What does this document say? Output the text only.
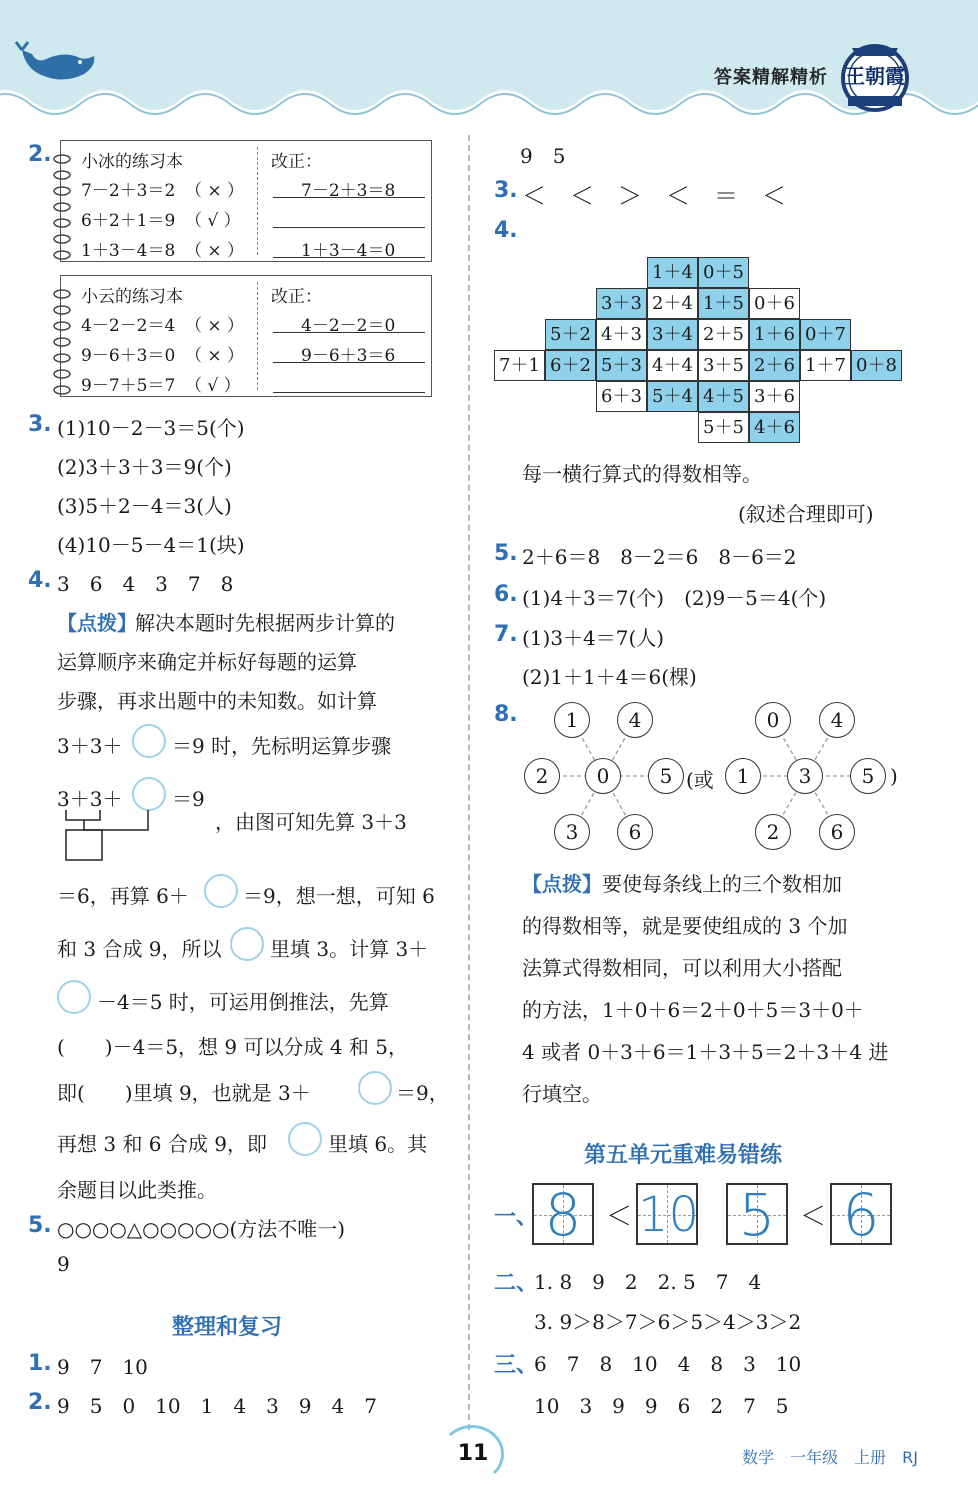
答案精解精析 王朝霞
2. 小冰的练习本	改正：
7－2＋3＝2 （ × ）	7－2＋3＝8
6＋2＋1＝9 （ √ ）
1＋3－4＝8 （ × ）	1＋3－4＝0
小云的练习本	改正：
4－2－2＝4 （ × ）	4－2－2＝0
9－6＋3＝0 （ × ）	9－6＋3＝6
9－7＋5＝7 （ √ ）
3. (1)10－2－3＝5(个)
(2)3＋3＋3＝9(个)
(3)5＋2－4＝3(人)
(4)10－5－4＝1(块)
4. 3　6　4　3　7　8
【点拨】
解决本题时先根据两步计算的
运算顺序来确定并标好每题的运算
步骤，再求出题中的未知数。如计算
3＋3＋ ＝9 时，先标明运算步骤
3＋3＋ ＝9
，由图可知先算 3＋3
＝6，再算 6＋	＝9，想一想，可知 6
和 3 合成 9，所以 里填 3。计算 3＋
－4＝5 时，可运用倒推法，先算
(　　)－4＝5，想 9 可以分成 4 和 5，
即(　　)里填 9，也就是 3＋	＝9，
再想 3 和 6 合成 9，即	里填 6。其
余题目以此类推。
5. ○○○○△○○○○○(方法不唯一)
9
整理和复习
1. 9　7　10
2. 9　5　0　10　1　4　3　9　4　7
9　5
3. ＜　＜　＞　＜　＝　＜
4.
1＋4 0＋5
3＋3 2＋4 1＋5 0＋6
5＋2 4＋3 3＋4 2＋5 1＋6 0＋7
7＋1 6＋2 5＋3 4＋4 3＋5 2＋6 1＋7 0＋8
6＋3 5＋4 4＋5 3＋6
5＋5 4＋6
每一横行算式的得数相等。
(叙述合理即可)
5. 2＋6＝8　8－2＝6　8－6＝2
6. (1)4＋3＝7(个)　(2)9－5＝4(个)
7. (1)3＋4＝7(人)
(2)1＋1＋4＝6(棵)
8.	1	4
2	0	5
3	6
(或
0	4
1	3	5
2	6
)
【点拨】 要使每条线上的三个数相加
的得数相等，就是要使组成的 3 个加
法算式得数相同，可以利用大小搭配
的方法，1＋0＋6＝2＋0＋5＝3＋0＋
4 或者 0＋3＋6＝1＋3＋5＝2＋3＋4 进
行填空。
第五单元重难易错练
一、 8 ＜ 10 5 ＜ 6
二、
1. 8　9　2　2. 5　7　4
3. 9＞8＞7＞6＞5＞4＞3＞2
三、
6　7　8　10　4　8　3　10
10　3　9　9　6　2　7　5
11	数学　一年级　上册　RJ
